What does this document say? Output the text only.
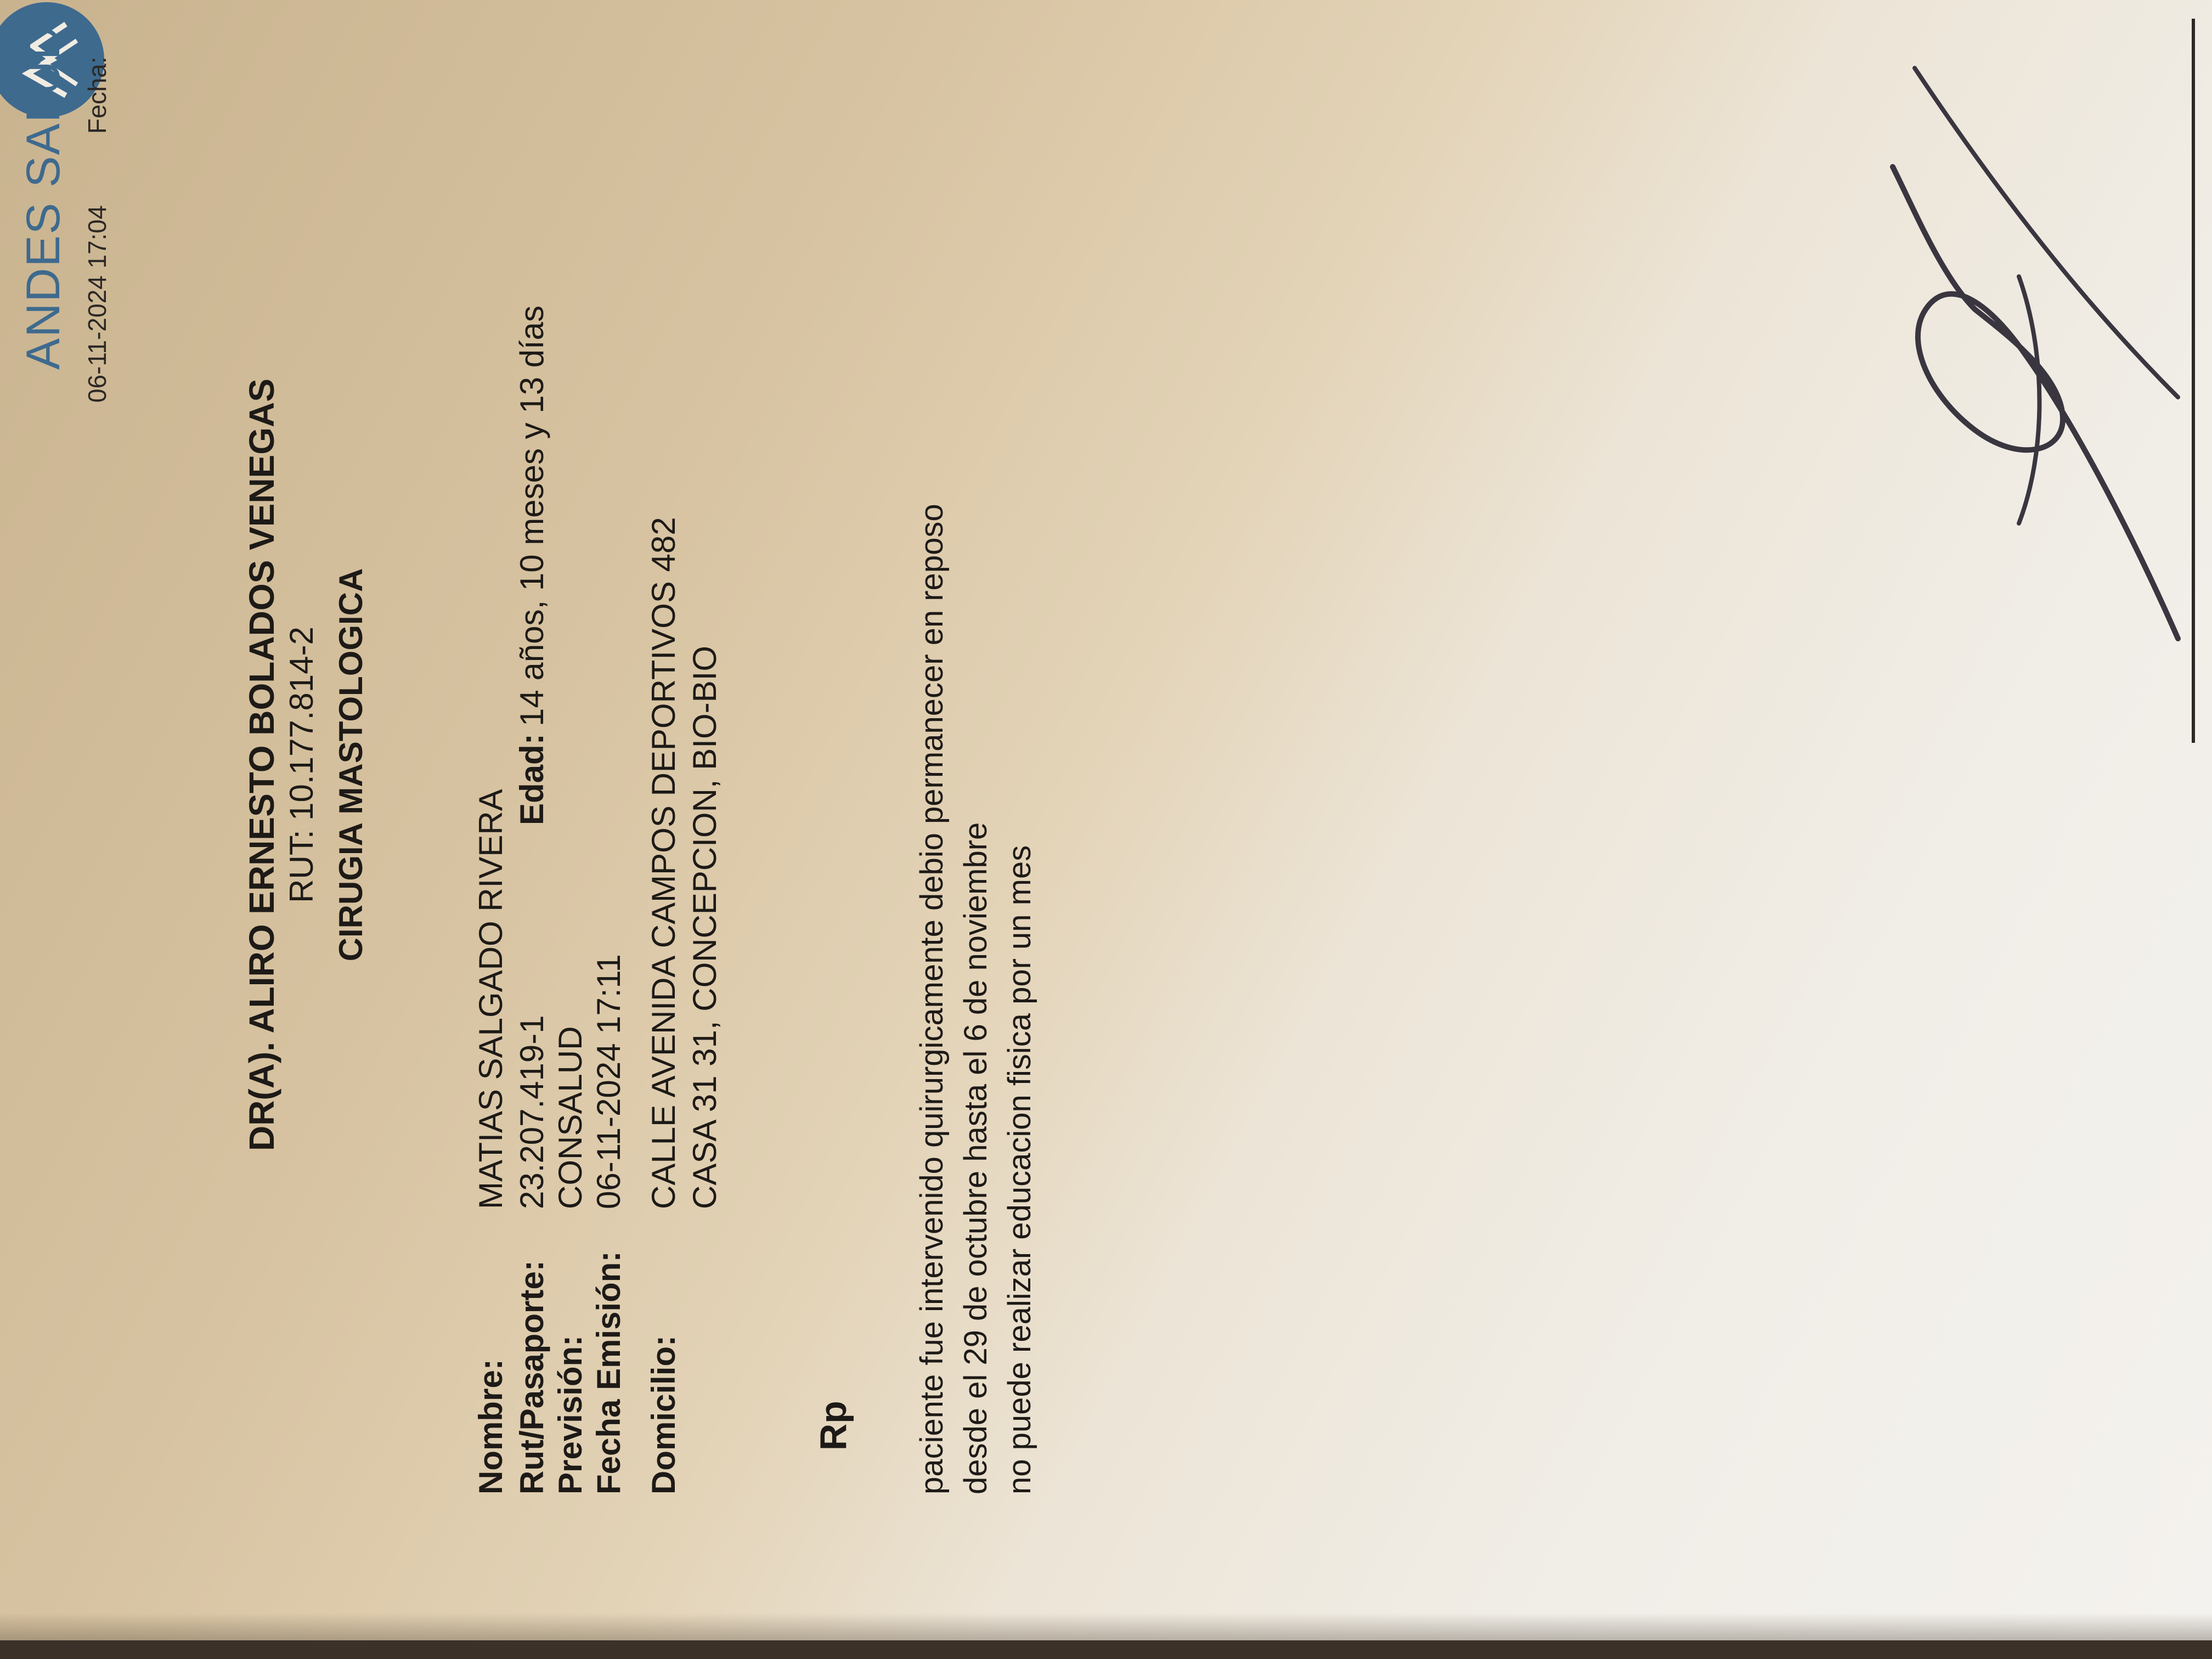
ANDES SALUD Fecha:
06-11-2024 17:04
DR(A). ALIRO ERNESTO BOLADOS VENEGAS RUT: 10.177.814-2 CIRUGIA MASTOLOGICA
Nombre:
MATIAS SALGADO RIVERA
Rut/Pasaporte:
23.207.419-1
Edad:
14 años, 10 meses y 13 días
Previsión:
CONSALUD
Fecha Emisión:
06-11-2024 17:11
Domicilio:
CALLE AVENIDA CAMPOS DEPORTIVOS 482 CASA 31 31, CONCEPCION, BIO-BIO
Rp paciente fue intervenido quirurgicamente debio permanecer en reposo desde el 29 de octubre hasta el 6 de noviembre no puede realizar educacion fisica por un mes
